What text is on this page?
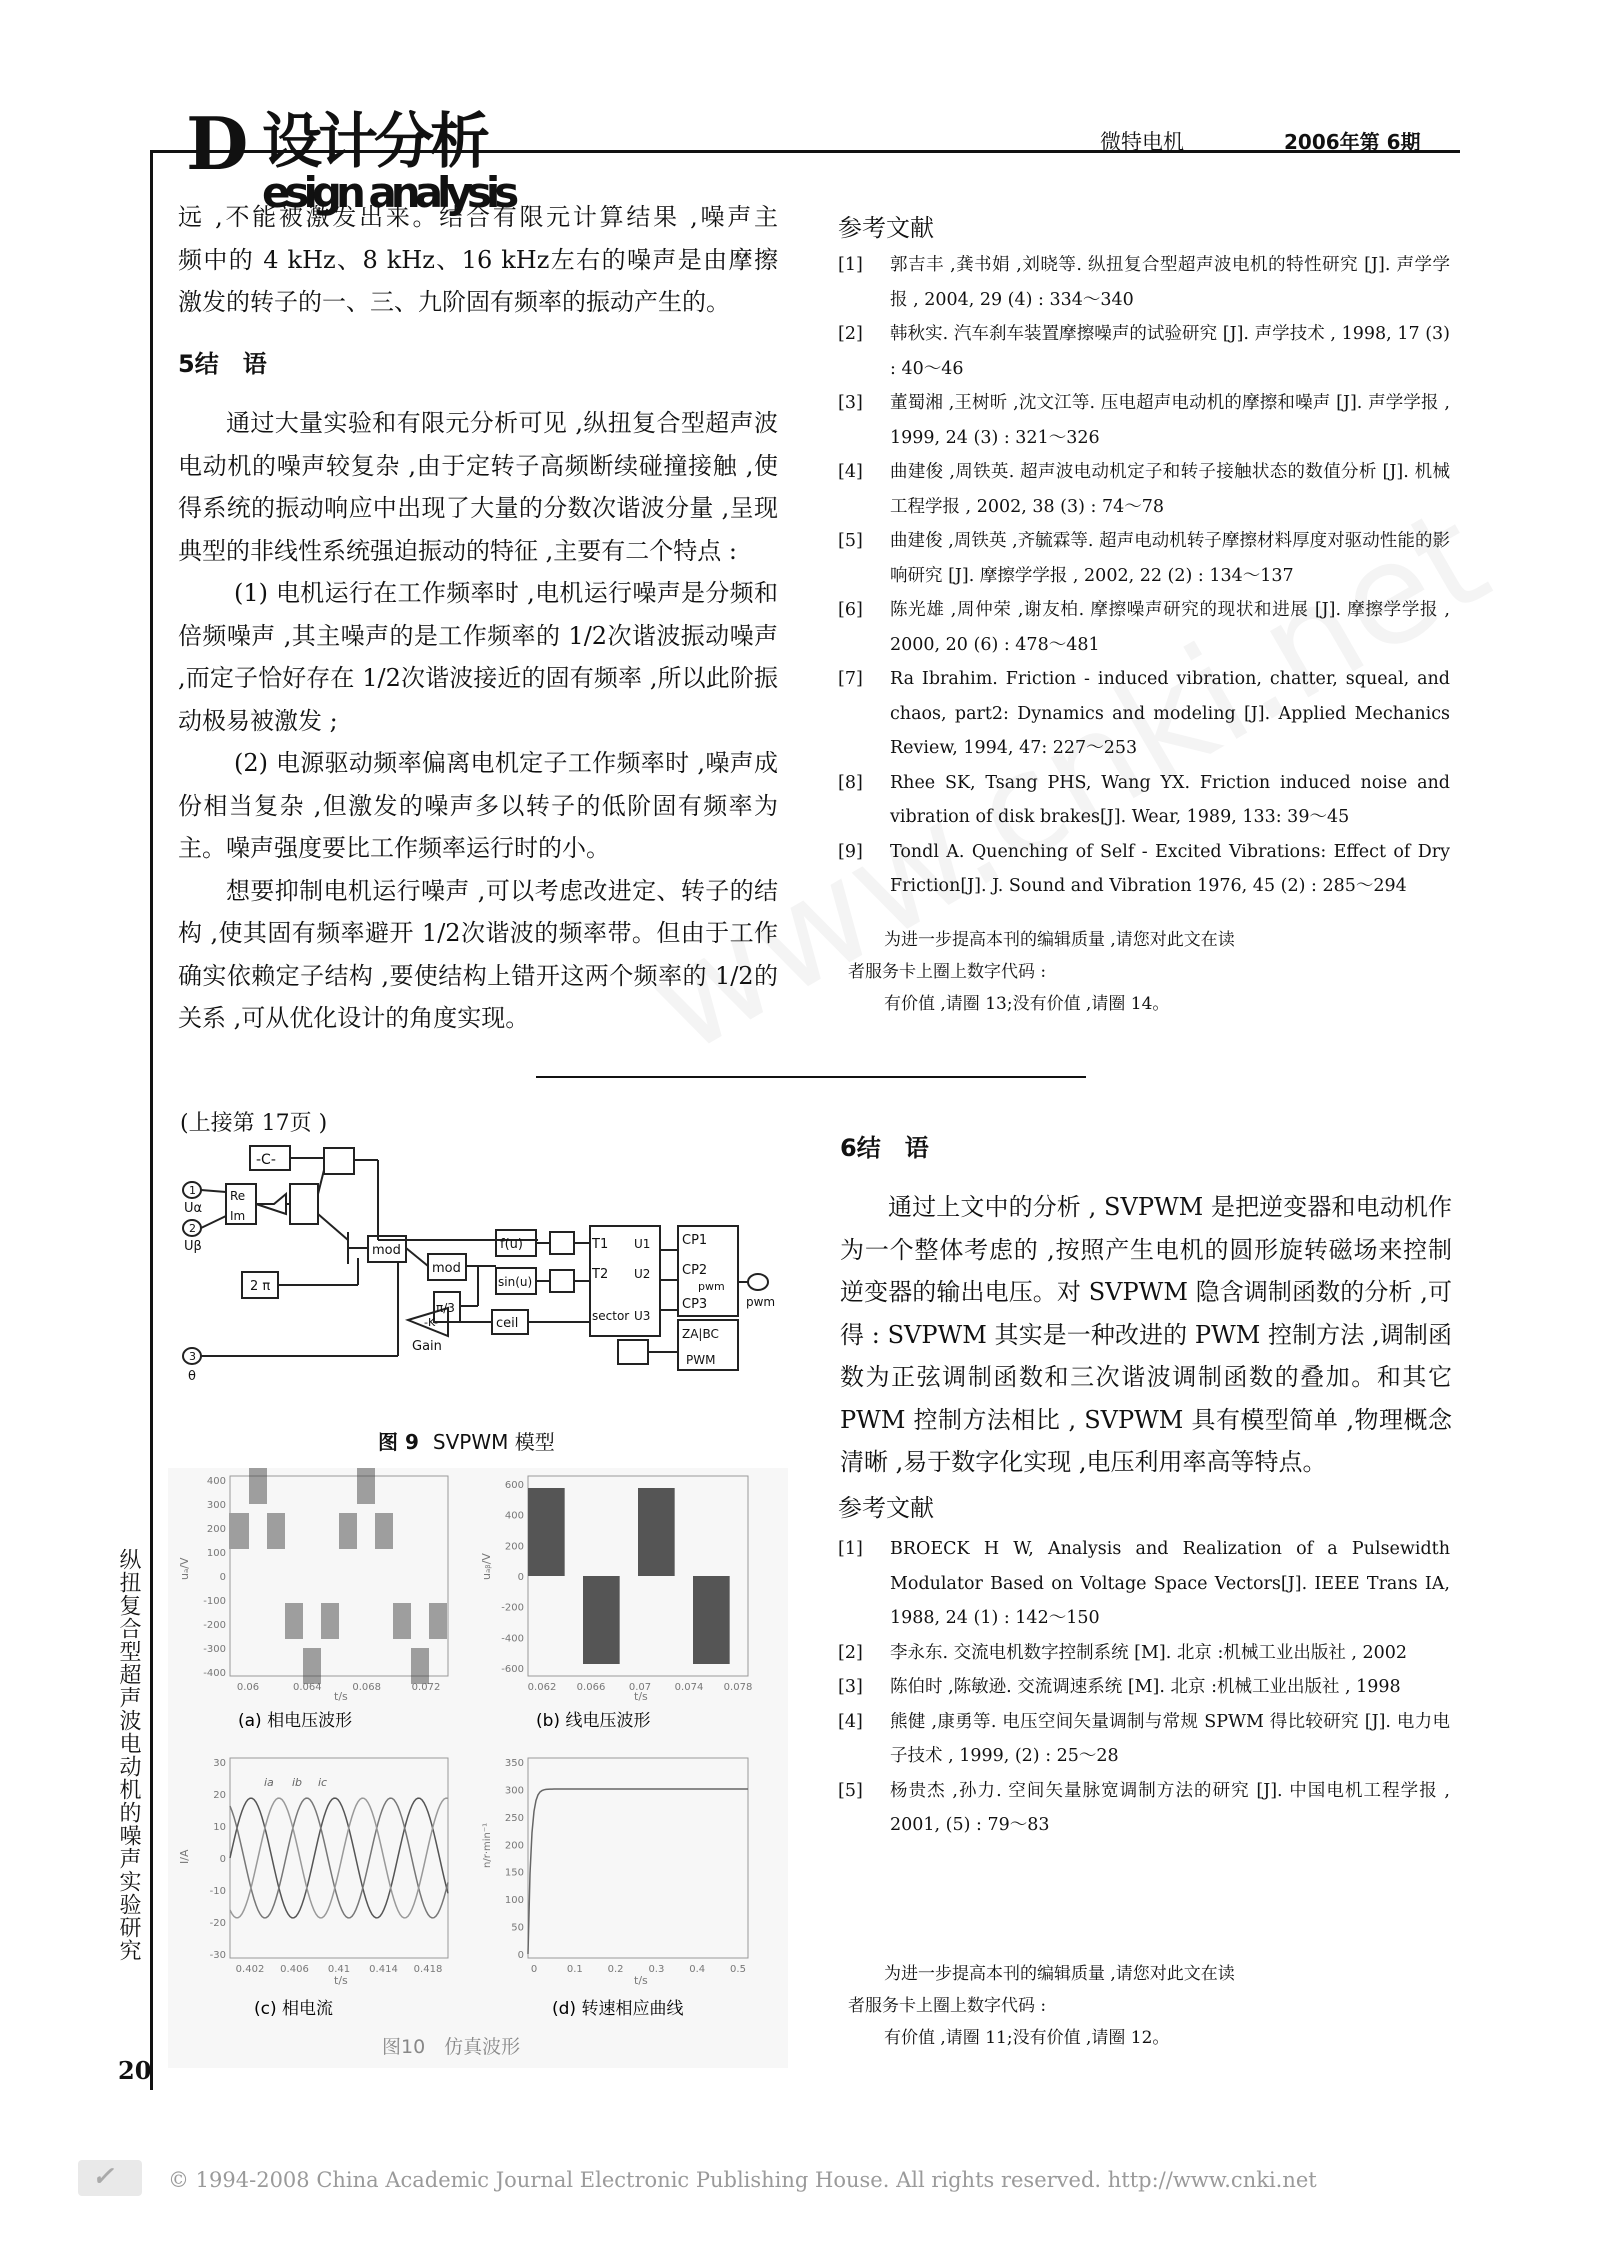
D 设计分析
esign analysis
微特电机	2006年第 6期
远 ,不能被激发出来。结合有限元计算结果 ,噪声主
频中的 4 kHz、8 kHz、16 kHz左右的噪声是由摩擦
激发的转子的一、三、九阶固有频率的振动产生的。
5结　语

通过大量实验和有限元分析可见 ,纵扭复合型超声波电动机的噪声较复杂 ,由于定转子高频断续碰撞接触 ,使得系统的振动响应中出现了大量的分数次谐波分量 ,呈现典型的非线性系统强迫振动的特征 ,主要有二个特点 :

(1) 电机运行在工作频率时 ,电机运行噪声是分频和倍频噪声 ,其主噪声的是工作频率的 1/2次谐波振动噪声 ,而定子恰好存在 1/2次谐波接近的固有频率 ,所以此阶振动极易被激发 ;

(2) 电源驱动频率偏离电机定子工作频率时 ,噪声成份相当复杂 ,但激发的噪声多以转子的低阶固有频率为主。噪声强度要比工作频率运行时的小。

想要抑制电机运行噪声 ,可以考虑改进定、转子的结构 ,使其固有频率避开 1/2次谐波的频率带。但由于工作确实依赖定子结构 ,要使结构上错开这两个频率的 1/2的关系 ,可从优化设计的角度实现。

参考文献
[1]	郭吉丰 ,龚书娟 ,刘晓等. 纵扭复合型超声波电机的特性研究 [J]. 声学学报 , 2004, 29 (4) : 334～340
[2]	韩秋实. 汽车刹车装置摩擦噪声的试验研究 [J]. 声学技术 , 1998, 17 (3) : 40～46
[3]	董蜀湘 ,王树昕 ,沈文江等. 压电超声电动机的摩擦和噪声 [J]. 声学学报 , 1999, 24 (3) : 321～326
[4]	曲建俊 ,周铁英. 超声波电动机定子和转子接触状态的数值分析 [J]. 机械工程学报 , 2002, 38 (3) : 74～78
[5]	曲建俊 ,周铁英 ,齐毓霖等. 超声电动机转子摩擦材料厚度对驱动性能的影响研究 [J]. 摩擦学学报 , 2002, 22 (2) : 134～137
[6]	陈光雄 ,周仲荣 ,谢友柏. 摩擦噪声研究的现状和进展 [J]. 摩擦学学报 , 2000, 20 (6) : 478～481
[7]	Ra Ibrahim. Friction - induced vibration, chatter, squeal, and chaos, part2: Dynamics and modeling [J]. Applied Mechanics Review, 1994, 47: 227～253
[8]	Rhee SK, Tsang PHS, Wang YX. Friction induced noise and vibration of disk brakes[J]. Wear, 1989, 133: 39～45
[9]	Tondl A. Quenching of Self - Excited Vibrations: Effect of Dry Friction[J]. J. Sound and Vibration 1976, 45 (2) : 285～294
为进一步提高本刊的编辑质量 ,请您对此文在读
者服务卡上圈上数字代码 :
有价值 ,请圈 13;没有价值 ,请圈 14。
(上接第 17页 )
-C-
1
Uα
2
Uβ
Re
Im
mod
mod
f(u)
sin(u)
π/3
-K-
Gain
ceil
2 π
3
θ
T1
T2
sector
U1
U2
U3
CP1
CP2
pwm
CP3	pwm
ZA|BC
PWM
图 9 SVPWM 模型
400
300
200
100
0
-100
-200
-300
-400
0.06	0.064	0.068	0.072
uₐ/V
t/s
(a) 相电压波形
600
400
200
0
-200
-400
-600
0.062 0.066 0.07 0.074 0.078
uₐᵦ/V
t/s
(b) 线电压波形
30
20
10
0
-10
-20
-30
0.402 0.406 0.41 0.414 0.418
ia ib ic
I/A
t/s
(c) 相电流
350
300
250
200
150
100
50
0
0	0.1 0.2 0.3 0.4 0.5
n/r·min⁻¹
t/s
(d) 转速相应曲线
图10　仿真波形
纵扭复合型超声波电动机的噪声实验研究
20
6结　语

通过上文中的分析 , SVPWM 是把逆变器和电动机作为一个整体考虑的 ,按照产生电机的圆形旋转磁场来控制逆变器的输出电压。对 SVPWM 隐含调制函数的分析 ,可得 : SVPWM 其实是一种改进的 PWM 控制方法 ,调制函数为正弦调制函数和三次谐波调制函数的叠加。和其它 PWM 控制方法相比 , SVPWM 具有模型简单 ,物理概念清晰 ,易于数字化实现 ,电压利用率高等特点。

参考文献
[1]	BROECK H W, Analysis and Realization of a Pulsewidth Modulator Based on Voltage Space Vectors[J]. IEEE Trans IA, 1988, 24 (1) : 142～150
[2]	李永东. 交流电机数字控制系统 [M]. 北京 :机械工业出版社 , 2002
[3]	陈伯时 ,陈敏逊. 交流调速系统 [M]. 北京 :机械工业出版社 , 1998
[4]	熊健 ,康勇等. 电压空间矢量调制与常规 SPWM 得比较研究 [J]. 电力电子技术 , 1999, (2) : 25～28
[5]	杨贵杰 ,孙力. 空间矢量脉宽调制方法的研究 [J]. 中国电机工程学报 , 2001, (5) : 79～83
为进一步提高本刊的编辑质量 ,请您对此文在读
者服务卡上圈上数字代码 :
有价值 ,请圈 11;没有价值 ,请圈 12。
✓	© 1994-2008 China Academic Journal Electronic Publishing House. All rights reserved. http://www.cnki.net
